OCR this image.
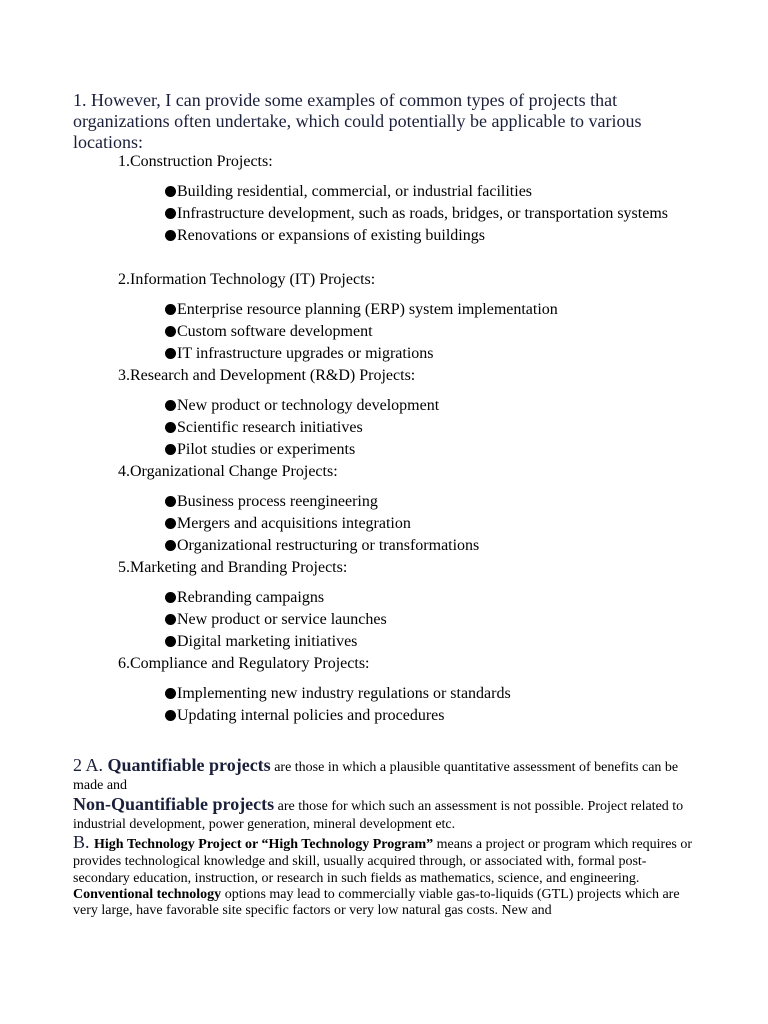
1. However, I can provide some examples of common types of projects that organizations often undertake, which could potentially be applicable to various locations:

1.Construction Projects:
Building residential, commercial, or industrial facilities
Infrastructure development, such as roads, bridges, or transportation systems
Renovations or expansions of existing buildings
2.Information Technology (IT) Projects:
Enterprise resource planning (ERP) system implementation
Custom software development
IT infrastructure upgrades or migrations
3.Research and Development (R&D) Projects:
New product or technology development
Scientific research initiatives
Pilot studies or experiments
4.Organizational Change Projects:
Business process reengineering
Mergers and acquisitions integration
Organizational restructuring or transformations
5.Marketing and Branding Projects:
Rebranding campaigns
New product or service launches
Digital marketing initiatives
6.Compliance and Regulatory Projects:
Implementing new industry regulations or standards
Updating internal policies and procedures

2 A. Quantifiable projects are those in which a plausible quantitative assessment of benefits can be made and

Non-Quantifiable projects are those for which such an assessment is not possible. Project related to industrial development, power generation, mineral development etc.

B. High Technology Project or “High Technology Program” means a project or program which requires or provides technological knowledge and skill, usually acquired through, or associated with, formal post-secondary education, instruction, or research in such fields as mathematics, science, and engineering.

Conventional technology options may lead to commercially viable gas-to-liquids (GTL) projects which are very large, have favorable site specific factors or very low natural gas costs. New and
